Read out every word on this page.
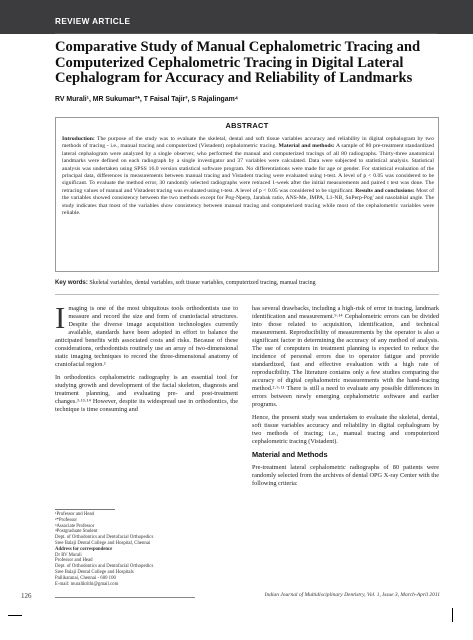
REVIEW ARTICLE
Comparative Study of Manual Cephalometric Tracing and Computerized Cephalometric Tracing in Digital Lateral Cephalogram for Accuracy and Reliability of Landmarks
RV Murali¹, MR Sukumar²*, T Faisal Tajir³, S Rajalingam⁴
ABSTRACT
Introduction: The purpose of the study was to evaluate the skeletal, dental and soft tissue variables accuracy and reliability in digital cephalogram by two methods of tracing - i.e., manual tracing and computerized (Vistadent) cephalometric tracing. Material and methods: A sample of 80 pre-treatment standardized lateral cephalogram were analyzed by a single observer, who performed the manual and computerized tracings of all 80 radiographs. Thirty-three anatomical landmarks were defined on each radiograph by a single investigator and 37 variables were calculated. Data were subjected to statistical analysis. Statistical analysis was undertaken using SPSS 16.0 version statistical software program. No differentiations were made for age or gender. For statistical evaluation of the principal data, differences in measurements between manual tracing and Vistadent tracing were evaluated using t-test. A level of p < 0.05 was considered to be significant. To evaluate the method error, 30 randomly selected radiographs were retraced 1-week after the initial measurements and paired t test was done. The retracing values of manual and Vistadent tracing was evaluated using t-test. A level of p < 0.05 was considered to be significant. Results and conclusions: Most of the variables showed consistency between the two methods except for Pog-Nperp, Jarabak ratio, ANS-Me, IMPA, L1-NB, SnPerp-Pog' and nasolabial angle. The study indicates that most of the variables show consistency between manual tracing and computerized tracing while most of the cephalometric variables were reliable.
Key words: Skeletal variables, dental variables, soft tissue variables, computerized tracing, manual tracing

Imaging is one of the most ubiquitous tools orthodontists use to measure and record the size and form of craniofacial structures. Despite the diverse image acquisition technologies currently available, standards have been adopted in effort to balance the anticipated benefits with associated costs and risks. Because of these considerations, orthodontists routinely use an array of two-dimensional static imaging techniques to record the three-dimensional anatomy of craniofacial region.¹

In orthodontics cephalometric radiography is an essential tool for studying growth and development of the facial skeleton, diagnosis and treatment planning, and evaluating pre- and post-treatment changes.³·¹³·¹⁴ However, despite its widespread use in orthodontics, the technique is time consuming and

¹Professor and Head
²*Professor
³Associate Professor
⁴Postgraduate Student
Dept. of Orthodontics and Dentofacial Orthopedics
Sree Balaji Dental College and Hospital, Chennai
Address for correspondence
Dr RV Murali
Professor and Head
Dept. of Orthodontics and Dentofacial Orthopedics
Sree Balaji Dental College and Hospitals
Pallikaranai, Chennai - 600 100
E-mail: muralikrithi@gmail.com

has several drawbacks, including a high-risk of error in tracing, landmark identification and measurement.⁹·¹⁴ Cephalometric errors can be divided into those related to acquisition, identification, and technical measurement. Reproducibility of measurements by the operator is also a significant factor in determining the accuracy of any method of analysis. The use of computers in treatment planning is expected to reduce the incidence of personal errors due to operator fatigue and provide standardized, fast and effective evaluation with a high rate of reproducibility. The literature contains only a few studies comparing the accuracy of digital cephalometric measurements with the hand-tracing method.²·⁶·¹¹ There is still a need to evaluate any possible differences in errors between newly emerging cephalometric software and earlier programs.

Hence, the present study was undertaken to evaluate the skeletal, dental, soft tissue variables accuracy and reliability in digital cephalogram by two methods of tracing; i.e., manual tracing and computerized cephalometric tracing (Vistadent).

Material and Methods

Pre-treatment lateral cephalometric radiographs of 80 patients were randomly selected from the archives of dental OPG X-ray Center with the following criteria:

126	Indian Journal of Multidisciplinary Dentistry, Vol. 1, Issue 3, March-April 2011
